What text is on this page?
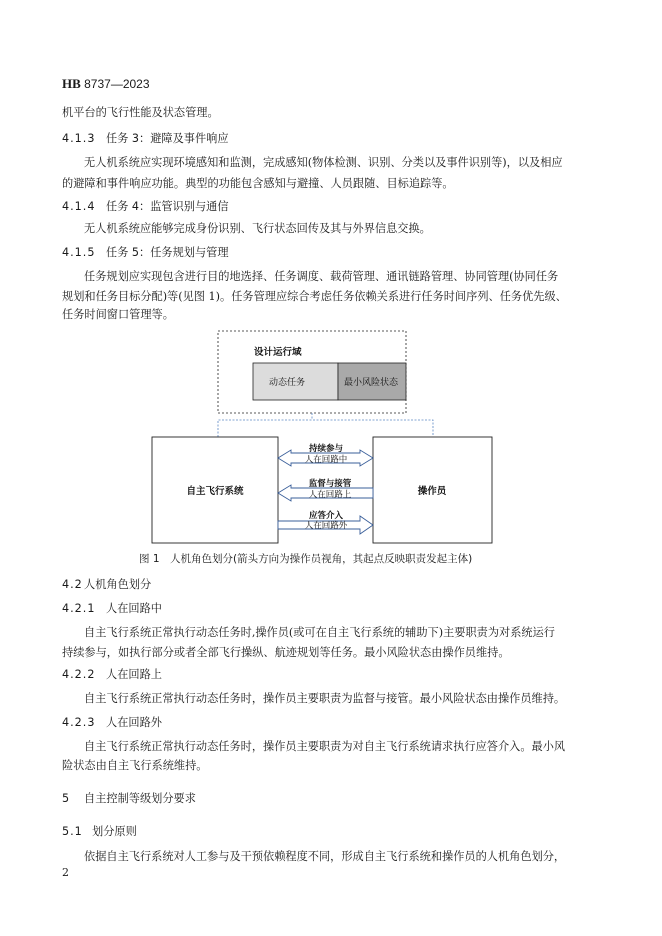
HB 8737—2023
机平台的飞行性能及状态管理。
4.1.3 任务 3：避障及事件响应
无人机系统应实现环境感知和监测，完成感知(物体检测、识别、分类以及事件识别等)，以及相应
的避障和事件响应功能。典型的功能包含感知与避撞、人员跟随、目标追踪等。
4.1.4 任务 4：监管识别与通信
无人机系统应能够完成身份识别、飞行状态回传及其与外界信息交换。
4.1.5 任务 5：任务规划与管理
任务规划应实现包含进行目的地选择、任务调度、载荷管理、通讯链路管理、协同管理(协同任务
规划和任务目标分配)等(见图 1)。任务管理应综合考虑任务依赖关系进行任务时间序列、任务优先级、
任务时间窗口管理等。
设计运行域
动态任务	最小风险状态
自主飞行系统	操作员
持续参与
人在回路中
监督与接管
人在回路上
应答介入
人在回路外
图 1　人机角色划分(箭头方向为操作员视角，其起点反映职责发起主体)
4.2人机角色划分
4.2.1 人在回路中
自主飞行系统正常执行动态任务时,操作员(或可在自主飞行系统的辅助下)主要职责为对系统运行
持续参与，如执行部分或者全部飞行操纵、航迹规划等任务。最小风险状态由操作员维持。
4.2.2 人在回路上
自主飞行系统正常执行动态任务时，操作员主要职责为监督与接管。最小风险状态由操作员维持。
4.2.3 人在回路外
自主飞行系统正常执行动态任务时，操作员主要职责为对自主飞行系统请求执行应答介入。最小风
险状态由自主飞行系统维持。
5 自主控制等级划分要求
5.1 划分原则
依据自主飞行系统对人工参与及干预依赖程度不同，形成自主飞行系统和操作员的人机角色划分，
2
